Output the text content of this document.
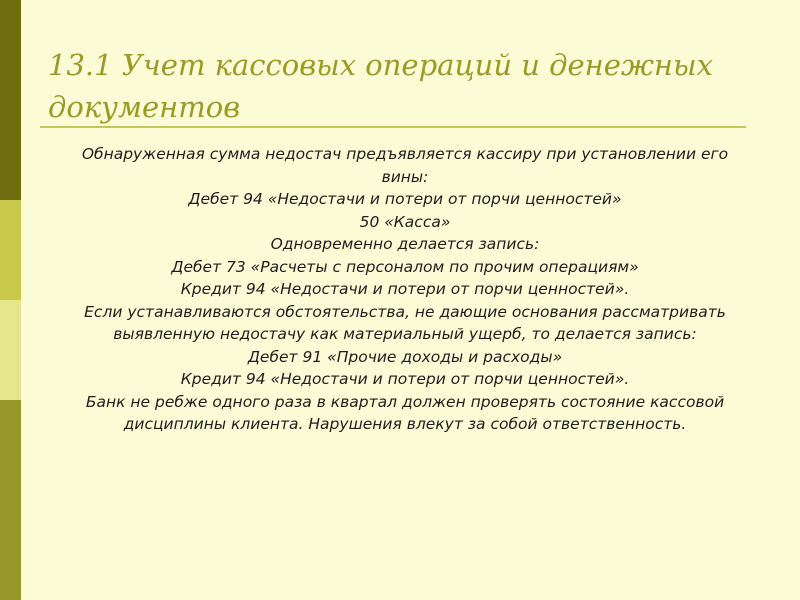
13.1 Учет кассовых операций и денежных документов
Обнаруженная сумма недостач предъявляется кассиру при установлении его вины:
Дебет 94 «Недостачи и потери от порчи ценностей»
50 «Касса»
Одновременно делается запись:
Дебет 73 «Расчеты с персоналом по прочим операциям»
Кредит 94 «Недостачи и потери от порчи ценностей».
Если устанавливаются обстоятельства, не дающие основания рассматривать выявленную недостачу как материальный ущерб, то делается запись:
Дебет 91 «Прочие доходы и расходы»
Кредит 94 «Недостачи и потери от порчи ценностей».
Банк не ребже одного раза в квартал должен проверять состояние кассовой дисциплины клиента. Нарушения влекут за собой ответственность.
